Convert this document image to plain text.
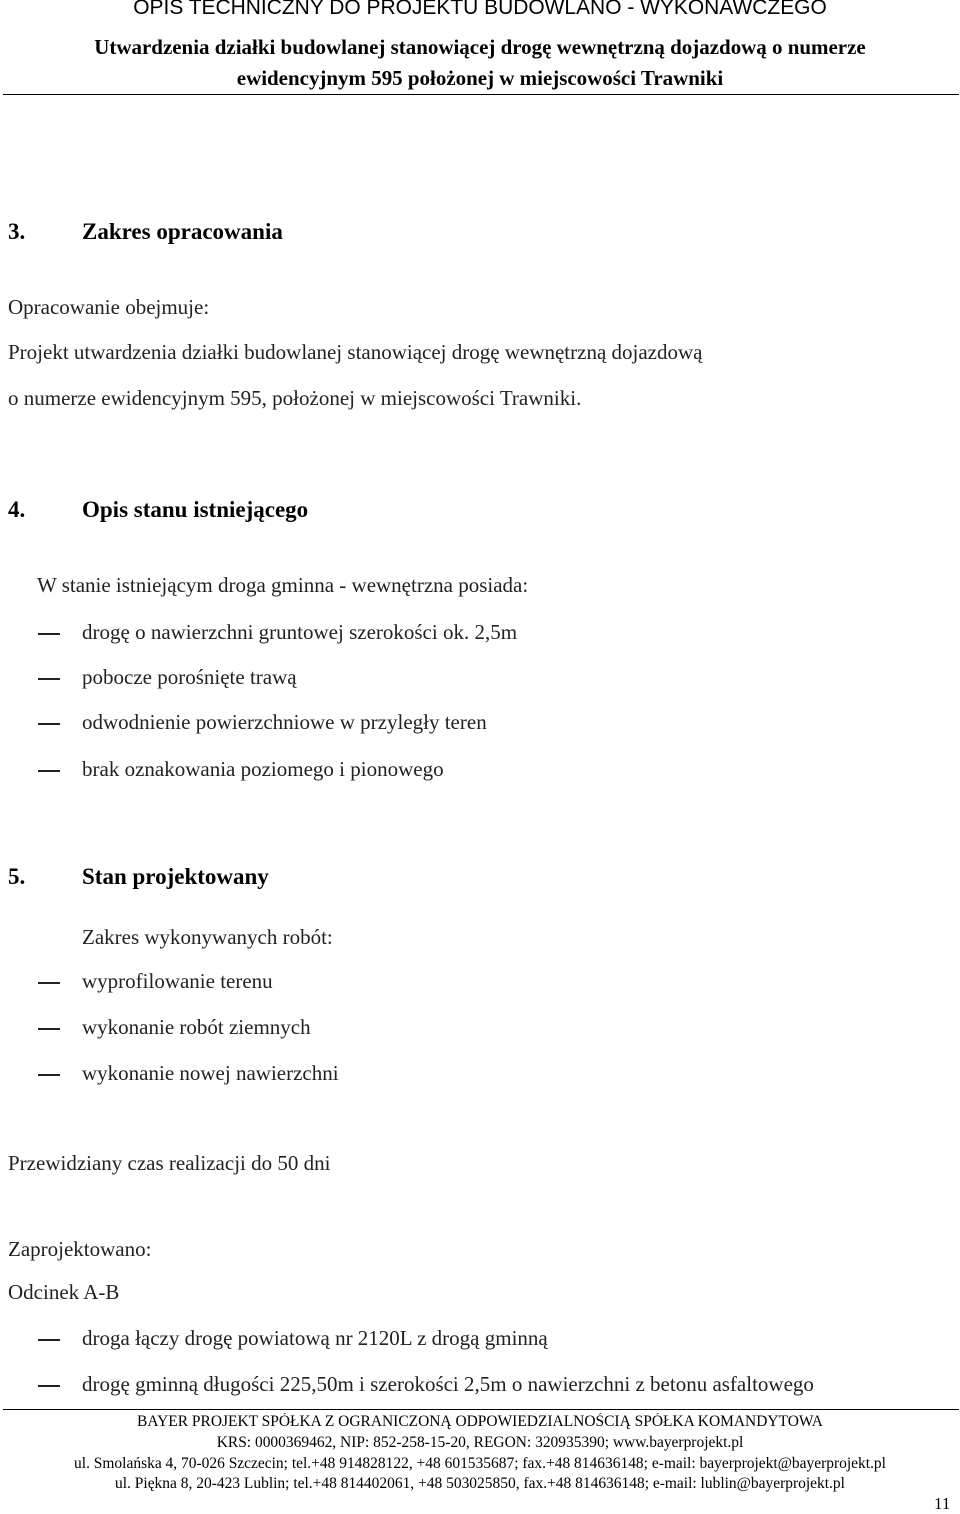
OPIS TECHNICZNY DO PROJEKTU BUDOWLANO - WYKONAWCZEGO
Utwardzenia działki budowlanej stanowiącej drogę wewnętrzną dojazdową o numerze
ewidencyjnym 595 położonej w miejscowości Trawniki
3. Zakres opracowania
Opracowanie obejmuje:
Projekt utwardzenia działki budowlanej stanowiącej drogę wewnętrzną dojazdową
o numerze ewidencyjnym 595, położonej w miejscowości Trawniki.
4. Opis stanu istniejącego
W stanie istniejącym droga gminna - wewnętrzna posiada:
drogę o nawierzchni gruntowej szerokości ok. 2,5m
pobocze porośnięte trawą
odwodnienie powierzchniowe w przyległy teren
brak oznakowania poziomego i pionowego
5. Stan projektowany
Zakres wykonywanych robót:
wyprofilowanie terenu
wykonanie robót ziemnych
wykonanie nowej nawierzchni
Przewidziany czas realizacji do 50 dni
Zaprojektowano:
Odcinek A-B
droga łączy drogę powiatową nr 2120L z drogą gminną
drogę gminną długości 225,50m i szerokości 2,5m o nawierzchni z betonu asfaltowego
BAYER PROJEKT SPÓŁKA Z OGRANICZONĄ ODPOWIEDZIALNOŚCIĄ SPÓŁKA KOMANDYTOWA
KRS: 0000369462, NIP: 852-258-15-20, REGON: 320935390; www.bayerprojekt.pl
ul. Smolańska 4, 70-026 Szczecin; tel.+48 914828122, +48 601535687; fax.+48 814636148; e-mail: bayerprojekt@bayerprojekt.pl
ul. Piękna 8, 20-423 Lublin; tel.+48 814402061, +48 503025850, fax.+48 814636148; e-mail: lublin@bayerprojekt.pl
11
